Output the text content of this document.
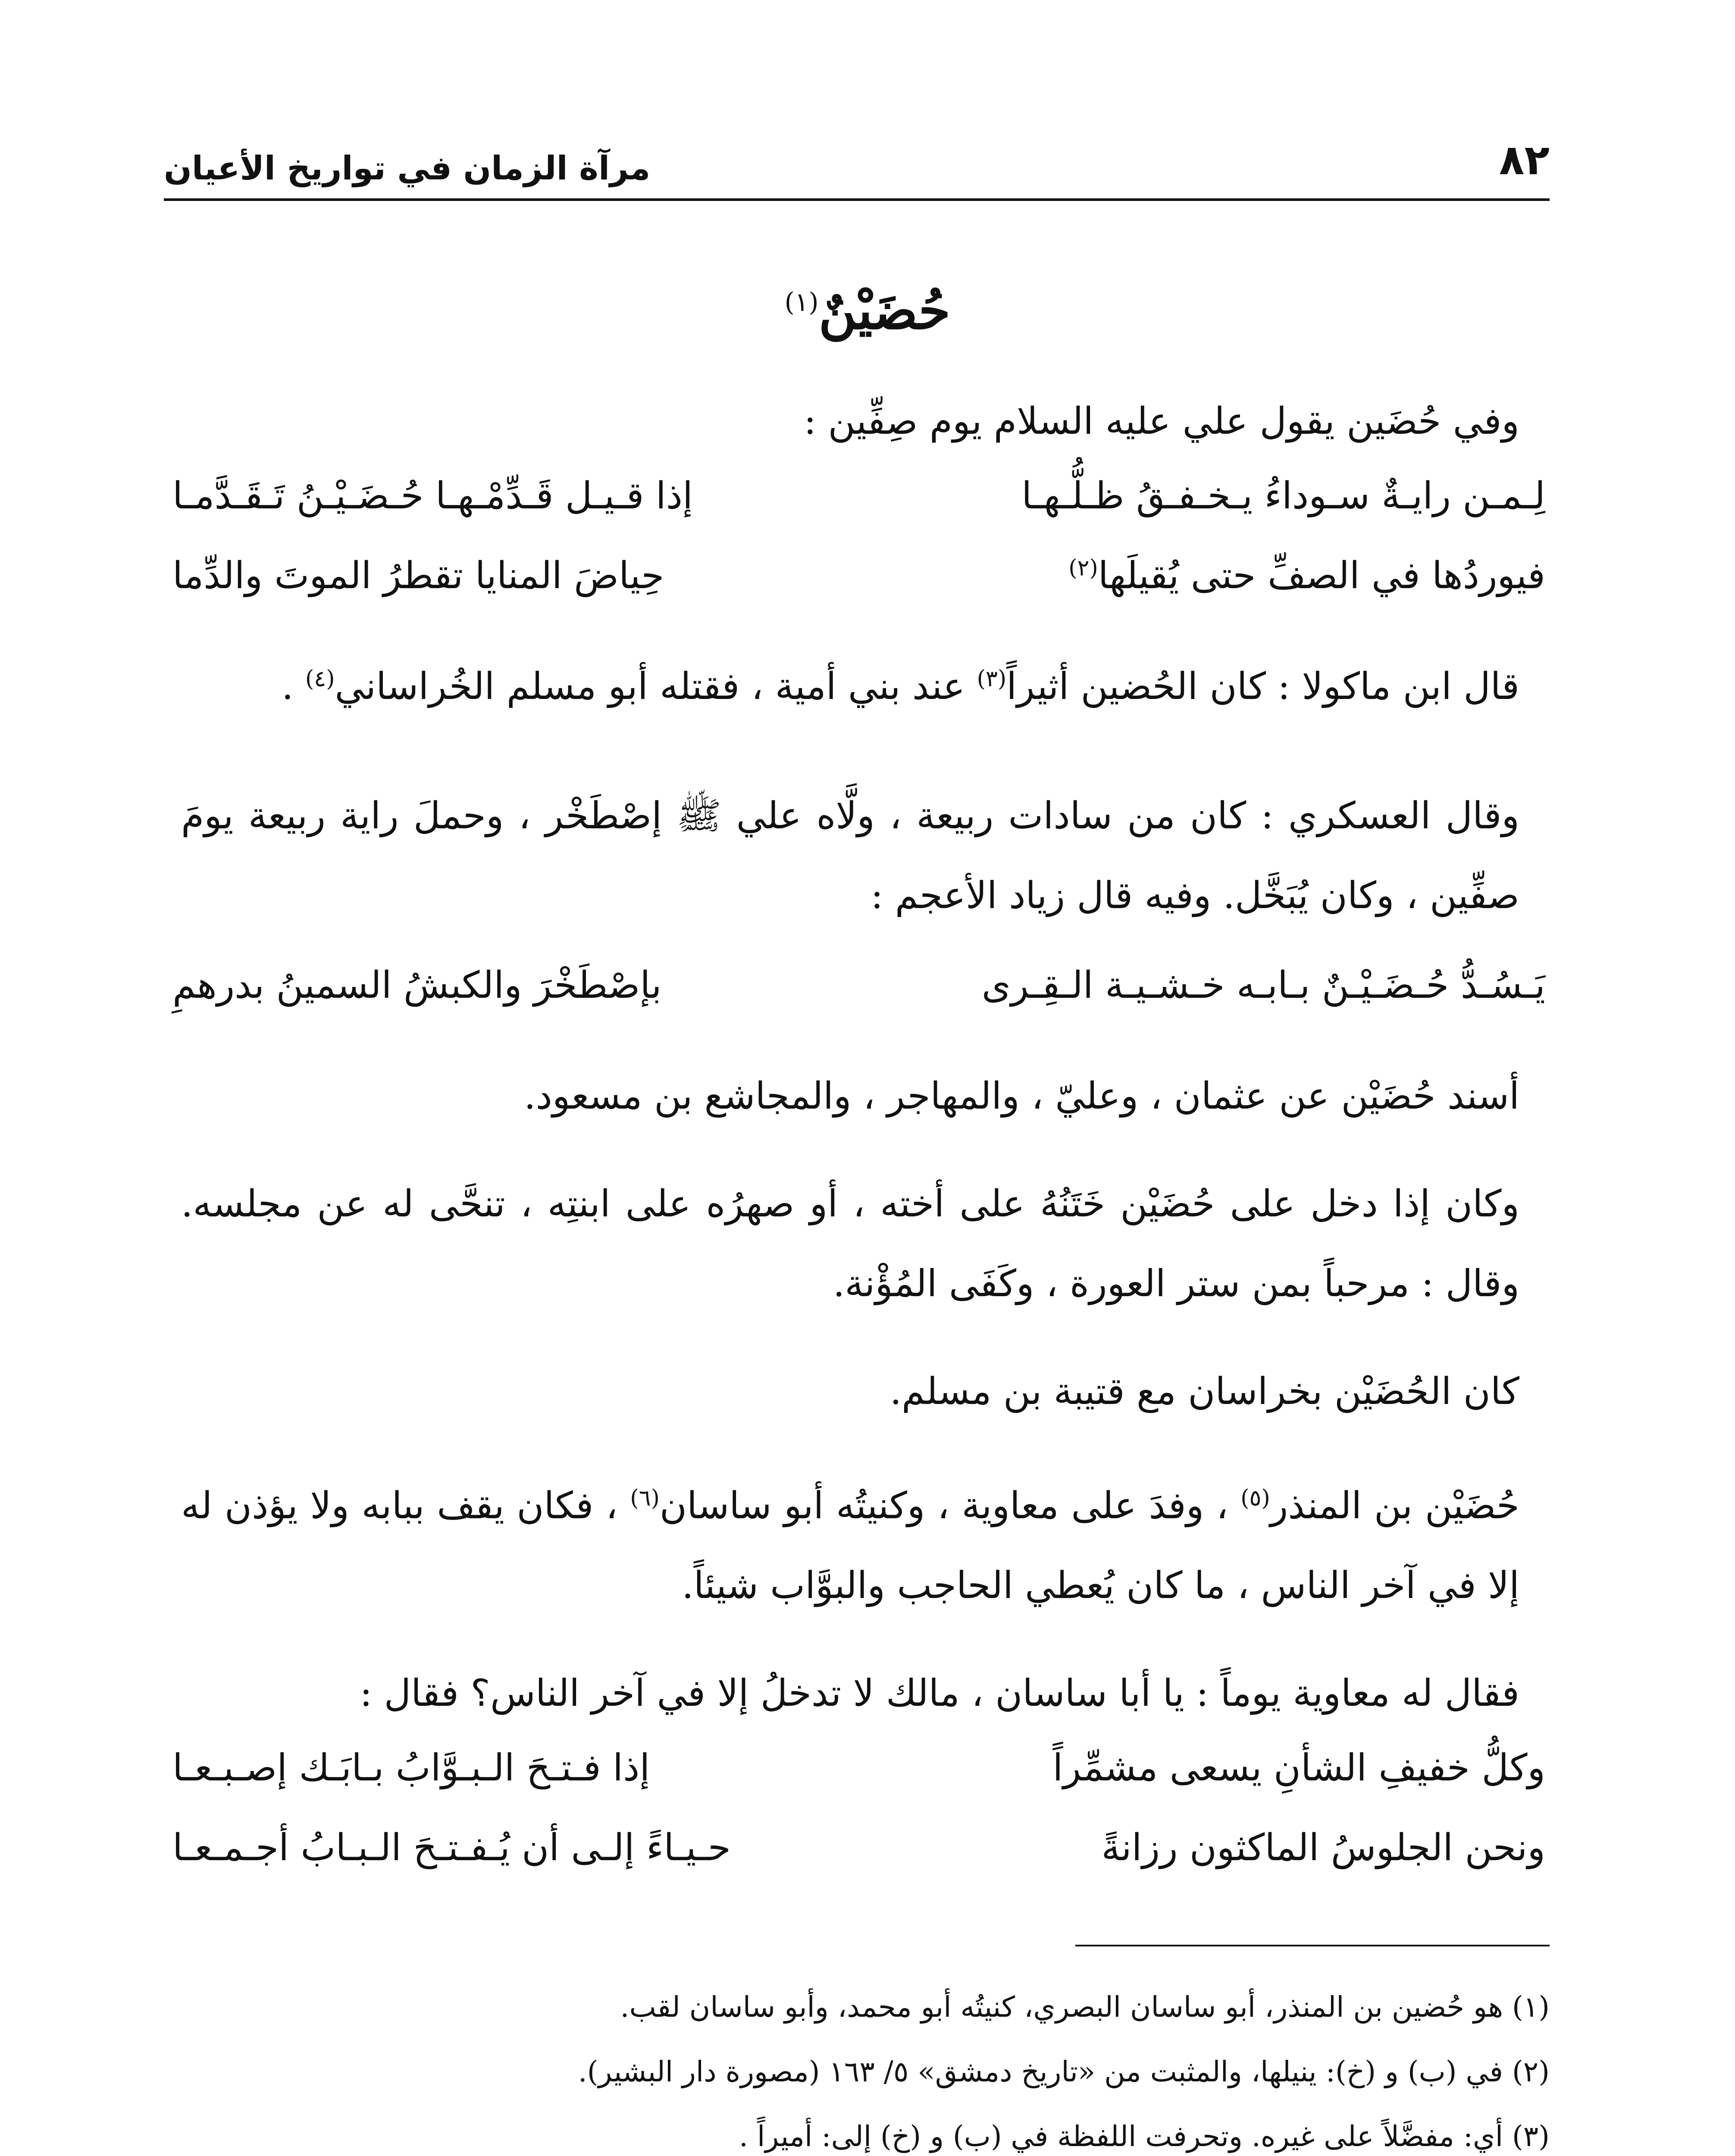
٨٢
مرآة الزمان في تواريخ الأعيان
حُضَيْنٌ$^{(١)}$
وفي حُضَين يقول علي عليه السلام يوم صِفِّين :
لِـمـن رايـةٌ سـوداءُ يـخـفـقُ ظـلُّـهـا
إذا قـيـل قَـدِّمْـهـا حُـضَـيْـنُ تَـقَـدَّمـا
فيوردُها في الصفِّ حتى يُقيلَها$^{(٢)}$
حِياضَ المنايا تقطرُ الموتَ والدِّما
قال ابن ماكولا : كان الحُضين أثيراً$^{(٣)}$ عند بني أمية ، فقتله أبو مسلم الخُراساني$^{(٤)}$ .
وقال العسكري : كان من سادات ربيعة ، ولَّاه علي ﷺ إصْطَخْر ، وحملَ راية ربيعة يومَ صفِّين ، وكان يُبَخَّل. وفيه قال زياد الأعجم :
يَـسُـدُّ حُـضَـيْـنٌ بـابـه خـشـيـة الـقِـرى
بإصْطَخْرَ والكبشُ السمينُ بدرهمِ
أسند حُضَيْن عن عثمان ، وعليّ ، والمهاجر ، والمجاشع بن مسعود.
وكان إذا دخل على حُضَيْن خَتَنُهُ على أخته ، أو صهرُه على ابنتِه ، تنحَّى له عن مجلسه. وقال : مرحباً بمن ستر العورة ، وكَفَى المُؤْنة.
كان الحُضَيْن بخراسان مع قتيبة بن مسلم.
حُضَيْن بن المنذر$^{(٥)}$ ، وفدَ على معاوية ، وكنيتُه أبو ساسان$^{(٦)}$ ، فكان يقف ببابه ولا يؤذن له إلا في آخر الناس ، ما كان يُعطي الحاجب والبوَّاب شيئاً.
فقال له معاوية يوماً : يا أبا ساسان ، مالك لا تدخلُ إلا في آخر الناس؟ فقال :
وكلُّ خفيفِ الشأنِ يسعى مشمِّراً
إذا فـتـحَ الـبـوَّابُ بـابَـك إصـبـعـا
ونحن الجلوسُ الماكثون رزانةً
حـيـاءً إلـى أن يُـفـتـحَ الـبـابُ أجـمـعـا
(١) هو حُضين بن المنذر، أبو ساسان البصري، كنيتُه أبو محمد، وأبو ساسان لقب.
(٢) في (ب) و (خ): ينيلها، والمثبت من «تاريخ دمشق» ٥/ ١٦٣ (مصورة دار البشير).
(٣) أي: مفضَّلاً على غيره. وتحرفت اللفظة في (ب) و (خ) إلى: أميراً .
